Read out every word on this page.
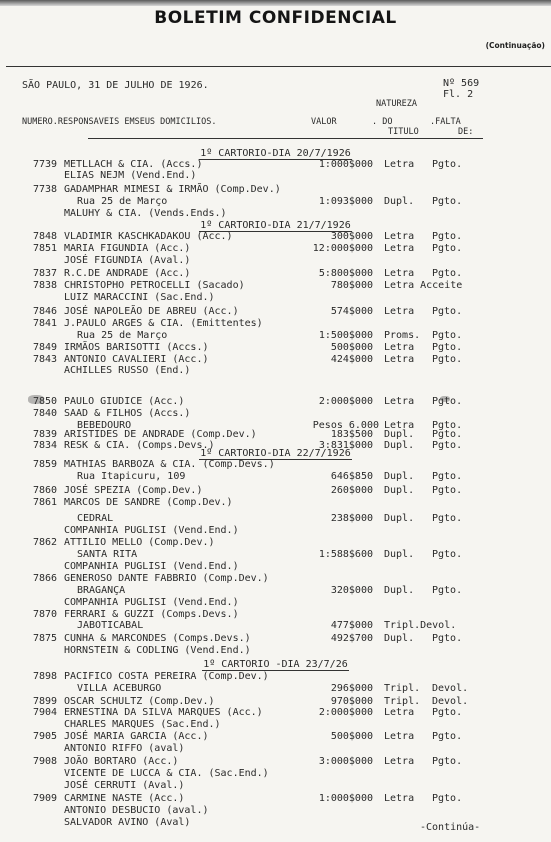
BOLETIM CONFIDENCIAL
(Continuação)
SÃO PAULO, 31 DE JULHO DE 1926.	Nº 569
Fl. 2
NUMERO.RESPONSAVEIS EMSEUS DOMICILIOS.	VALOR
NATUREZA
. DO
TITULO
.FALTA
DE:
1º CARTORIO-DIA 20/7/1926
1º CARTORIO-DIA 21/7/1926
1º CARTORIO-DIA 22/7/1926
1º CARTORIO -DIA 23/7/26
7739 METLLACH & CIA. (Accs.)	1:000$000 Letra Pgto.
ELIAS NEJM (Vend.End.)
7738 GADAMPHAR MIMESI & IRMÃO (Comp.Dev.)
Rua 25 de Março	1:093$000 Dupl. Pgto.
MALUHY & CIA. (Vends.Ends.)
7848 VLADIMIR KASCHKADAKOU (Acc.)	300$000 Letra Pgto.
7851 MARIA FIGUNDIA (Acc.)	12:000$000 Letra Pgto.
JOSÉ FIGUNDIA (Aval.)
7837 R.C.DE ANDRADE (Acc.)	5:800$000 Letra Pgto.
7838 CHRISTOPHO PETROCELLI (Sacado)	780$000 Letra Acceite
LUIZ MARACCINI (Sac.End.)
7846 JOSÉ NAPOLEÃO DE ABREU (Acc.)	574$000 Letra Pgto.
7841 J.PAULO ARGES & CIA. (Emittentes)
Rua 25 de Março	1:500$000 Proms. Pgto.
7849 IRMÃOS BARISOTTI (Accs.)	500$000 Letra Pgto.
7843 ANTONIO CAVALIERI (Acc.)	424$000 Letra Pgto.
ACHILLES RUSSO (End.)
7850 PAULO GIUDICE (Acc.)	2:000$000 Letra Pgto.
7840 SAAD & FILHOS (Accs.)
BEBEDOURO	Pesos 6.000 Letra Pgto.
7839 ARISTIDES DE ANDRADE (Comp.Dev.)	183$500 Dupl. Pgto.
7834 RESK & CIA. (Comps.Devs.)	3:831$000 Dupl. Pgto.
7859 MATHIAS BARBOZA & CIA. (Comp.Devs.)
Rua Itapicuru, 109	646$850 Dupl. Pgto.
7860 JOSÉ SPEZIA (Comp.Dev.)	260$000 Dupl. Pgto.
7861 MARCOS DE SANDRE (Comp.Dev.)
CEDRAL	238$000 Dupl. Pgto.
COMPANHIA PUGLISI (Vend.End.)
7862 ATTILIO MELLO (Comp.Dev.)
SANTA RITA	1:588$600 Dupl. Pgto.
COMPANHIA PUGLISI (Vend.End.)
7866 GENEROSO DANTE FABBRIO (Comp.Dev.)
BRAGANÇA	320$000 Dupl. Pgto.
COMPANHIA PUGLISI (Vend.End.)
7870 FERRARI & GUZZI (Comps.Devs.)
JABOTICABAL	477$000 Tripl.Devol.
7875 CUNHA & MARCONDES (Comps.Devs.)	492$700 Dupl. Pgto.
HORNSTEIN & CODLING (Vend.End.)
7898 PACIFICO COSTA PEREIRA (Comp.Dev.)
VILLA ACEBURGO	296$000 Tripl. Devol.
7899 OSCAR SCHULTZ (Comp.Dev.)	970$000 Tripl. Devol.
7904 ERNESTINA DA SILVA MARQUES (Acc.)	2:000$000 Letra Pgto.
CHARLES MARQUES (Sac.End.)
7905 JOSÉ MARIA GARCIA (Acc.)	500$000 Letra Pgto.
ANTONIO RIFFO (aval)
7908 JOÃO BORTARO (Acc.)	3:000$000 Letra Pgto.
VICENTE DE LUCCA & CIA. (Sac.End.)
JOSÉ CERRUTI (Aval.)
7909 CARMINE NASTE (Acc.)	1:000$000 Letra Pgto.
ANTONIO DESBUCIO (aval.)
SALVADOR AVINO (Aval)	-Continúa-
